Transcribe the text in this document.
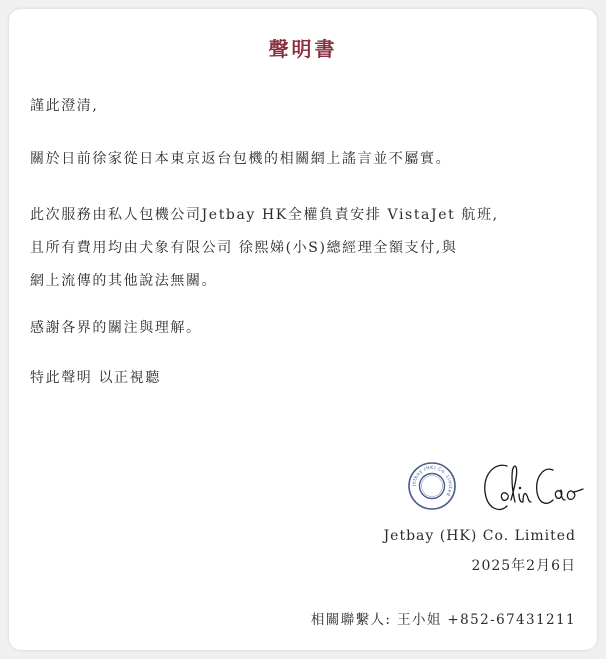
聲明書
謹此澄清,
關於日前徐家從日本東京返台包機的相關網上謠言並不屬實。
此次服務由私人包機公司Jetbay HK全權負責安排 VistaJet 航班,
且所有費用均由犬象有限公司 徐熙娣(小S)總經理全額支付,與
網上流傳的其他說法無關。
感謝各界的關注與理解。
特此聲明 以正視聽
Jetbay (HK) Co. Limited
Jetbay (HK) Co. Limited
2025年2月6日
相關聯繫人: 王小姐 +852-67431211
